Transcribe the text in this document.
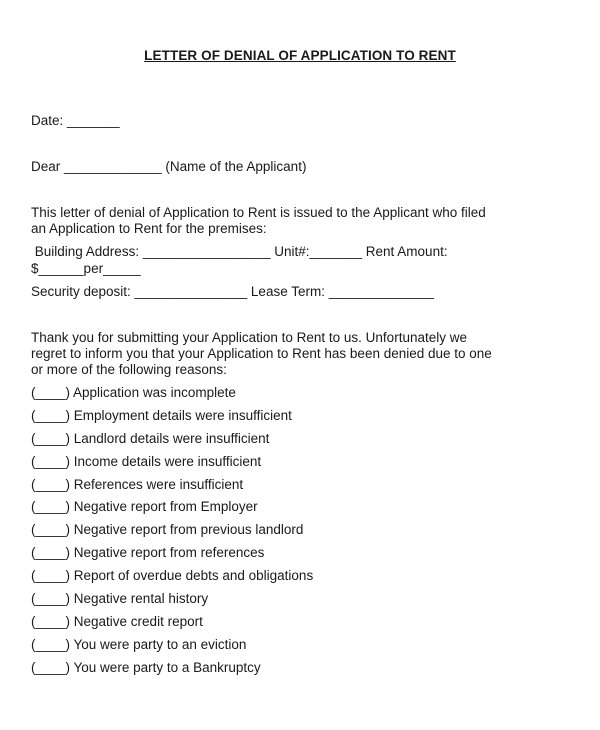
LETTER OF DENIAL OF APPLICATION TO RENT
Date: _______
Dear _____________ (Name of the Applicant)
This letter of denial of Application to Rent is issued to the Applicant who filed
an Application to Rent for the premises:
Building Address: _________________ Unit#:_______ Rent Amount:
$______per_____
Security deposit: _______________ Lease Term: ______________
Thank you for submitting your Application to Rent to us. Unfortunately we
regret to inform you that your Application to Rent has been denied due to one
or more of the following reasons:
(____) Application was incomplete
(____) Employment details were insufficient
(____) Landlord details were insufficient
(____) Income details were insufficient
(____) References were insufficient
(____) Negative report from Employer
(____) Negative report from previous landlord
(____) Negative report from references
(____) Report of overdue debts and obligations
(____) Negative rental history
(____) Negative credit report
(____) You were party to an eviction
(____) You were party to a Bankruptcy
